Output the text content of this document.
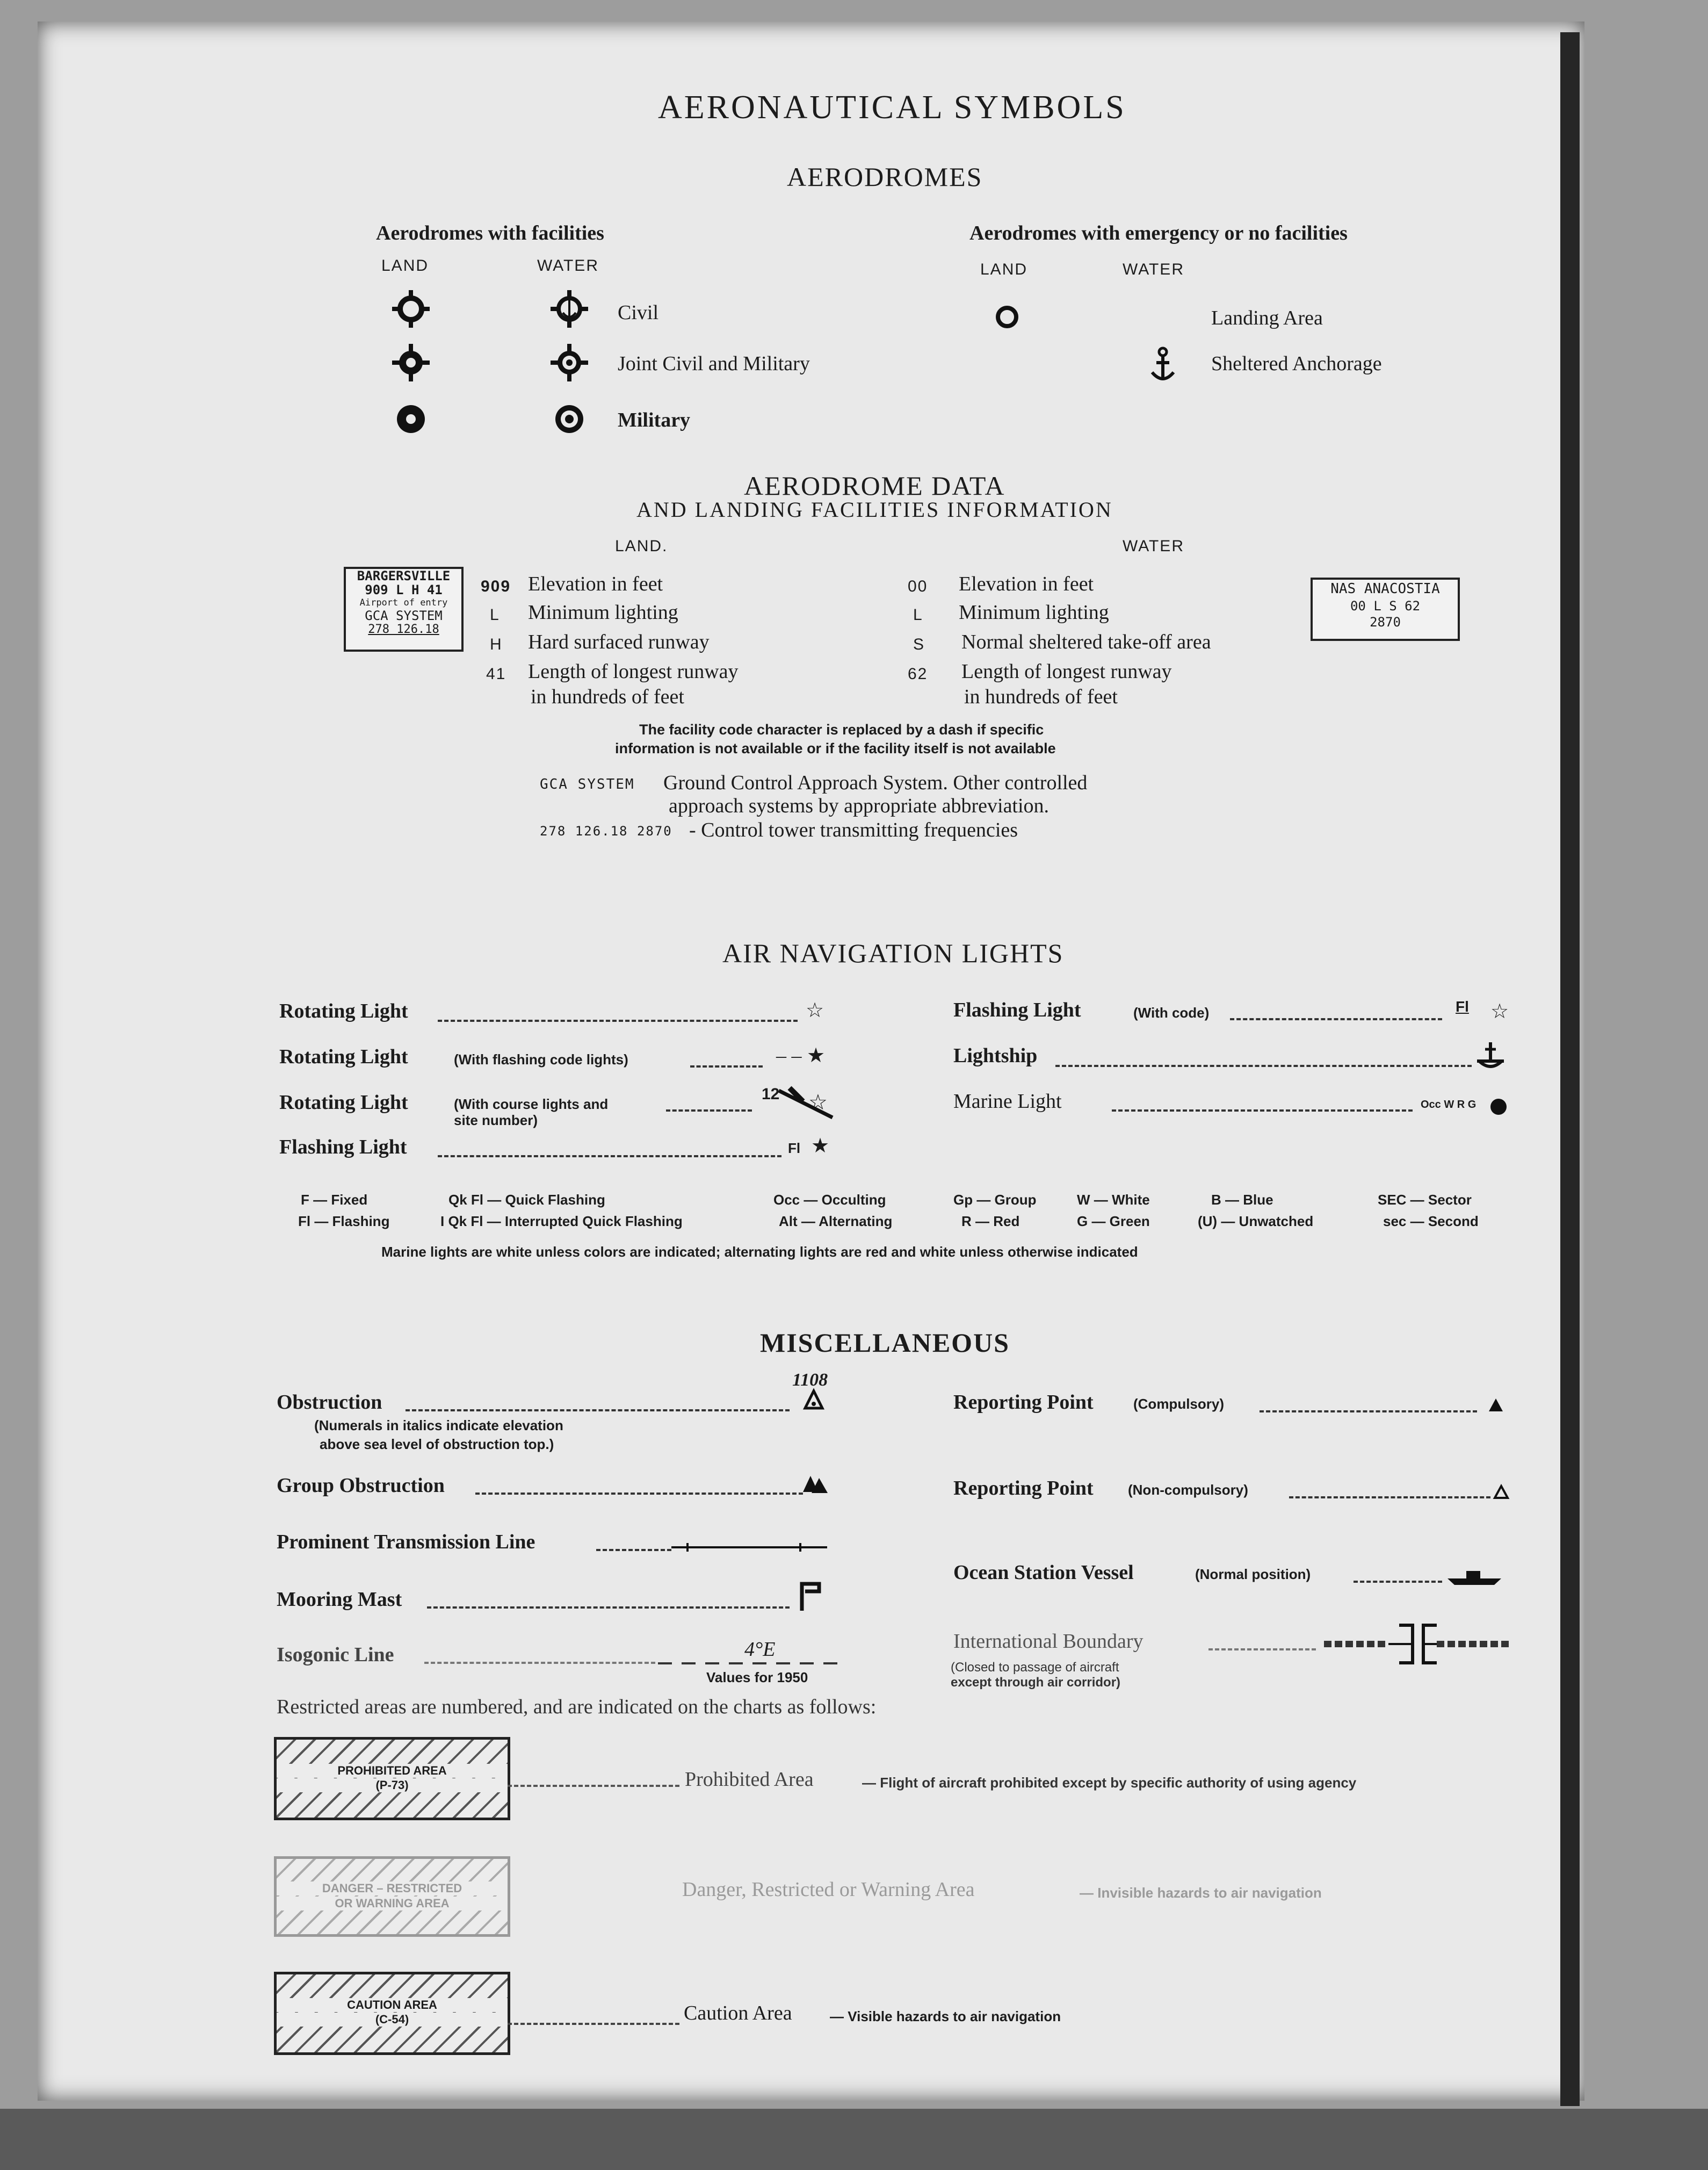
AERONAUTICAL SYMBOLS
AERODROMES
Aerodromes with facilities
LAND	WATER
Civil
Joint Civil and Military
Military
Aerodromes with emergency or no facilities
LAND	WATER
Landing Area
Sheltered Anchorage
AERODROME DATA
AND LANDING FACILITIES INFORMATION
LAND.	WATER
BARGERSVILLE
909 L H 41
Airport of entry
GCA SYSTEM
278 126.18
909 Elevation in feet
L Minimum lighting
H Hard surfaced runway
41 Length of longest runway
in hundreds of feet
00 Elevation in feet
L Minimum lighting
S Normal sheltered take-off area
62 Length of longest runway
in hundreds of feet
NAS ANACOSTIA
00 L S 62
2870
The facility code character is replaced by a dash if specific
information is not available or if the facility itself is not available
GCA SYSTEM Ground Control Approach System. Other controlled
approach systems by appropriate abbreviation.
278 126.18 2870 - Control tower transmitting frequencies
AIR NAVIGATION LIGHTS
Rotating Light	☆
Rotating Light	(With flashing code lights)	– – ★
Rotating Light	(With course lights and
site number)
12 ☆
Flashing Light	Fl ★
Flashing Light	(With code)	Fl ☆
Lightship
Marine Light	Occ W R G
F — Fixed
Fl — Flashing
Qk Fl — Quick Flashing
I Qk Fl — Interrupted Quick Flashing
Occ — Occulting
Alt — Alternating
Gp — Group
R — Red
W — White
G — Green
B — Blue
(U) — Unwatched
SEC — Sector
sec — Second
Marine lights are white unless colors are indicated; alternating lights are red and white unless otherwise indicated
MISCELLANEOUS
1108
Obstruction
(Numerals in italics indicate elevation
above sea level of obstruction top.)
Group Obstruction
Prominent Transmission Line
Mooring Mast
Isogonic Line	4°E
Values for 1950
Reporting Point	(Compulsory)
Reporting Point (Non-compulsory)
Ocean Station Vessel	(Normal position)
International Boundary
(Closed to passage of aircraft
except through air corridor)
Restricted areas are numbered, and are indicated on the charts as follows:
PROHIBITED AREA
(P-73)	Prohibited Area	— Flight of aircraft prohibited except by specific authority of using agency
DANGER – RESTRICTED
OR WARNING AREA
Danger, Restricted or Warning Area	— Invisible hazards to air navigation
CAUTION AREA
(C-54)	Caution Area	— Visible hazards to air navigation
